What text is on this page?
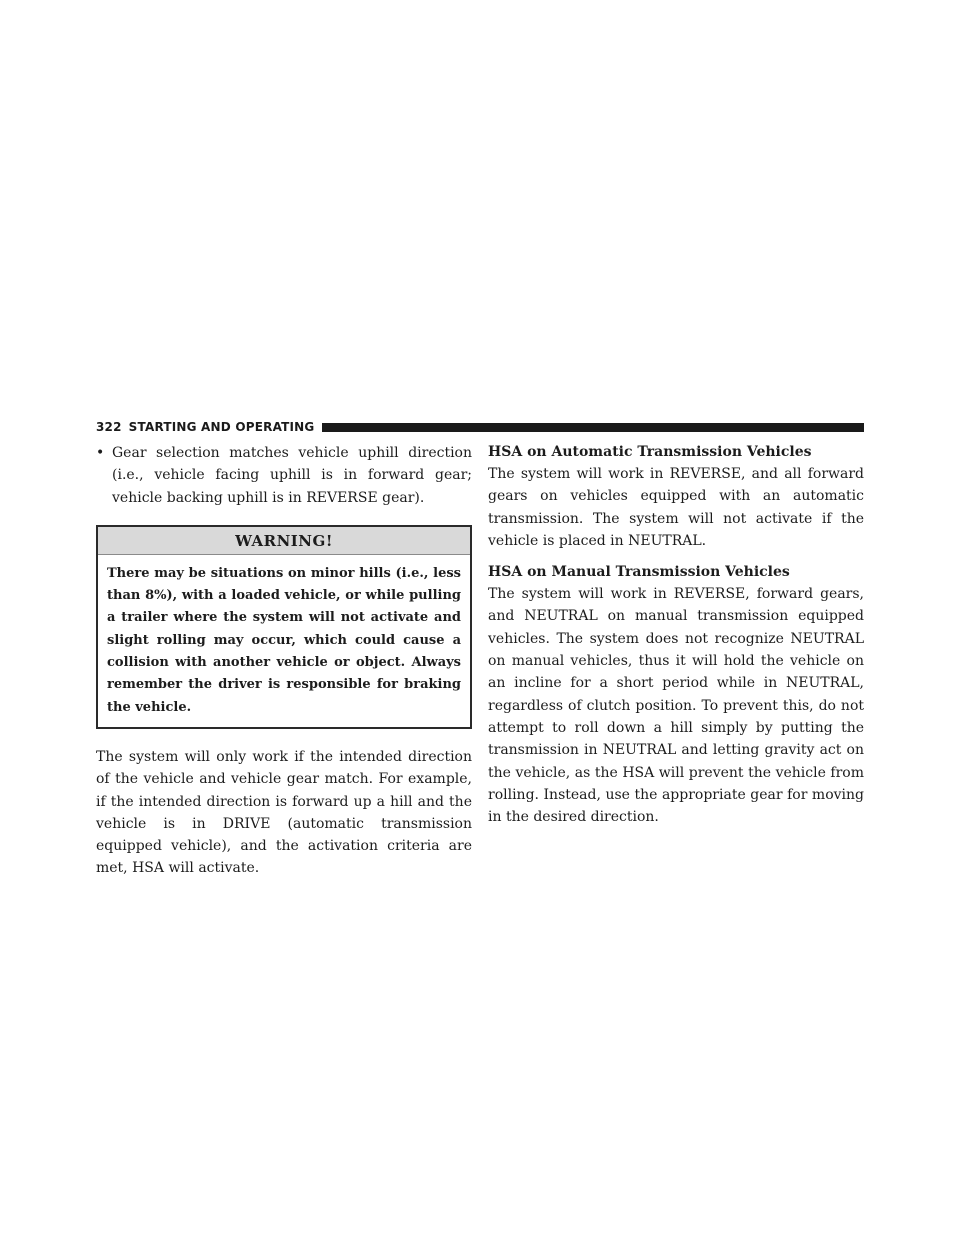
322 STARTING AND OPERATING
• Gear selection matches vehicle uphill direction (i.e., vehicle facing uphill is in forward gear; vehicle backing uphill is in REVERSE gear).
WARNING!
There may be situations on minor hills (i.e., less than 8%), with a loaded vehicle, or while pulling a trailer where the system will not activate and slight rolling may occur, which could cause a collision with another vehicle or object. Always remember the driver is responsible for braking the vehicle.

The system will only work if the intended direction of the vehicle and vehicle gear match. For example, if the intended direction is forward up a hill and the vehicle is in DRIVE (automatic transmission equipped vehicle), and the activation criteria are met, HSA will activate.

HSA on Automatic Transmission Vehicles

The system will work in REVERSE, and all forward gears on vehicles equipped with an automatic transmission. The system will not activate if the vehicle is placed in NEUTRAL.

HSA on Manual Transmission Vehicles

The system will work in REVERSE, forward gears, and NEUTRAL on manual transmission equipped vehicles. The system does not recognize NEUTRAL on manual vehicles, thus it will hold the vehicle on an incline for a short period while in NEUTRAL, regardless of clutch position. To prevent this, do not attempt to roll down a hill simply by putting the transmission in NEUTRAL and letting gravity act on the vehicle, as the HSA will prevent the vehicle from rolling. Instead, use the appropriate gear for moving in the desired direction.
